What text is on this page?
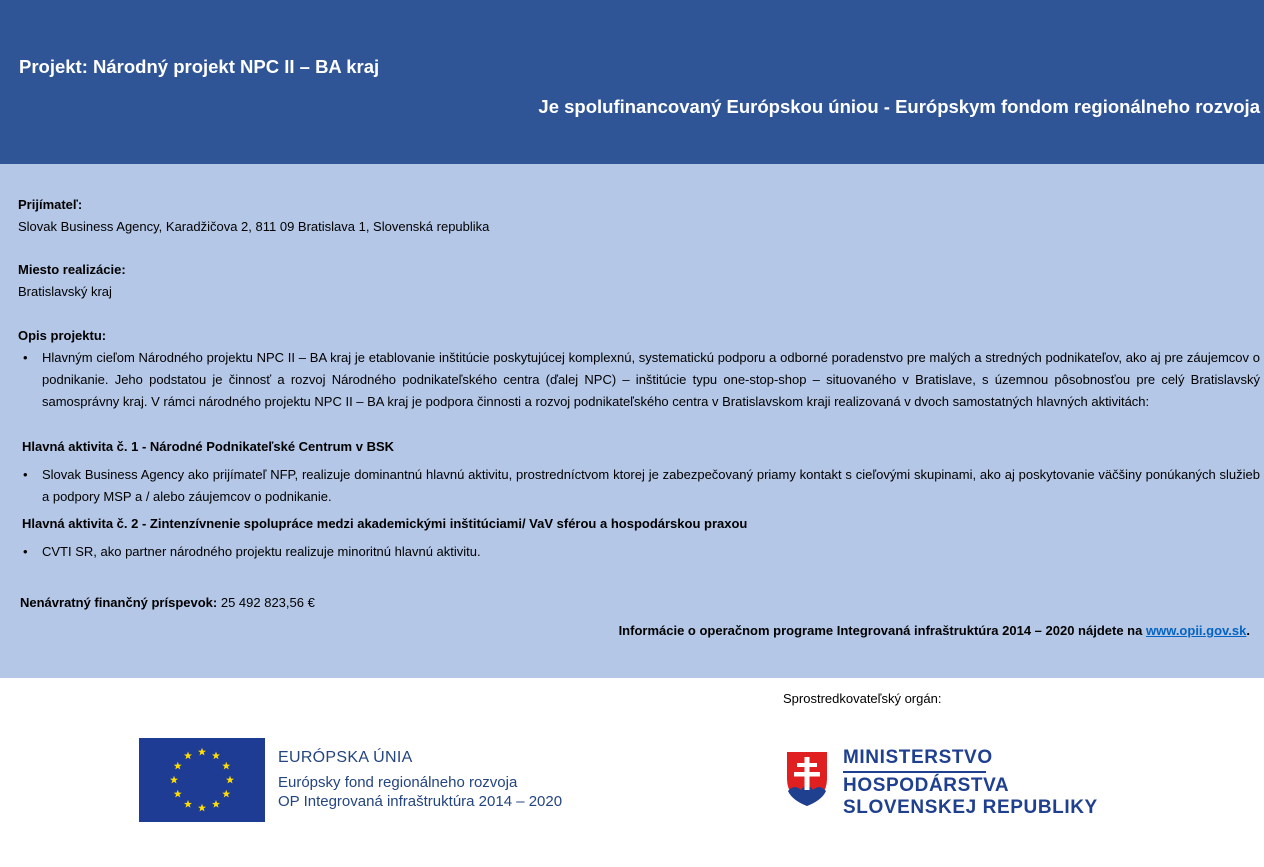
Projekt: Národný projekt NPC II – BA kraj
Je spolufinancovaný Európskou úniou - Európskym fondom regionálneho rozvoja
Prijímateľ:
Slovak Business Agency, Karadžičova 2, 811 09 Bratislava 1, Slovenská republika
Miesto realizácie:
Bratislavský kraj
Opis projektu:
• Hlavným cieľom Národného projektu NPC II – BA kraj je etablovanie inštitúcie poskytujúcej komplexnú, systematickú podporu a odborné poradenstvo pre malých a stredných podnikateľov, ako aj pre záujemcov o podnikanie. Jeho podstatou je činnosť a rozvoj Národného podnikateľského centra (ďalej NPC) – inštitúcie typu one-stop-shop – situovaného v Bratislave, s územnou pôsobnosťou pre celý Bratislavský samosprávny kraj. V rámci národného projektu NPC II – BA kraj je podpora činnosti a rozvoj podnikateľského centra v Bratislavskom kraji realizovaná v dvoch samostatných hlavných aktivitách:
Hlavná aktivita č. 1 - Národné Podnikateľské Centrum v BSK
• Slovak Business Agency ako prijímateľ NFP, realizuje dominantnú hlavnú aktivitu, prostredníctvom ktorej je zabezpečovaný priamy kontakt s cieľovými skupinami, ako aj poskytovanie väčšiny ponúkaných služieb a podpory MSP a / alebo záujemcov o podnikanie.
Hlavná aktivita č. 2 - Zintenzívnenie spolupráce medzi akademickými inštitúciami/ VaV sférou a hospodárskou praxou
• CVTI SR, ako partner národného projektu realizuje minoritnú hlavnú aktivitu.
Nenávratný finančný príspevok: 25 492 823,56 €
Informácie o operačnom programe Integrovaná infraštruktúra 2014 – 2020 nájdete na www.opii.gov.sk.
Sprostredkovateľský orgán:
EURÓPSKA ÚNIA
Európsky fond regionálneho rozvoja
OP Integrovaná infraštruktúra 2014 – 2020
MINISTERSTVO
HOSPODÁRSTVA
SLOVENSKEJ REPUBLIKY
